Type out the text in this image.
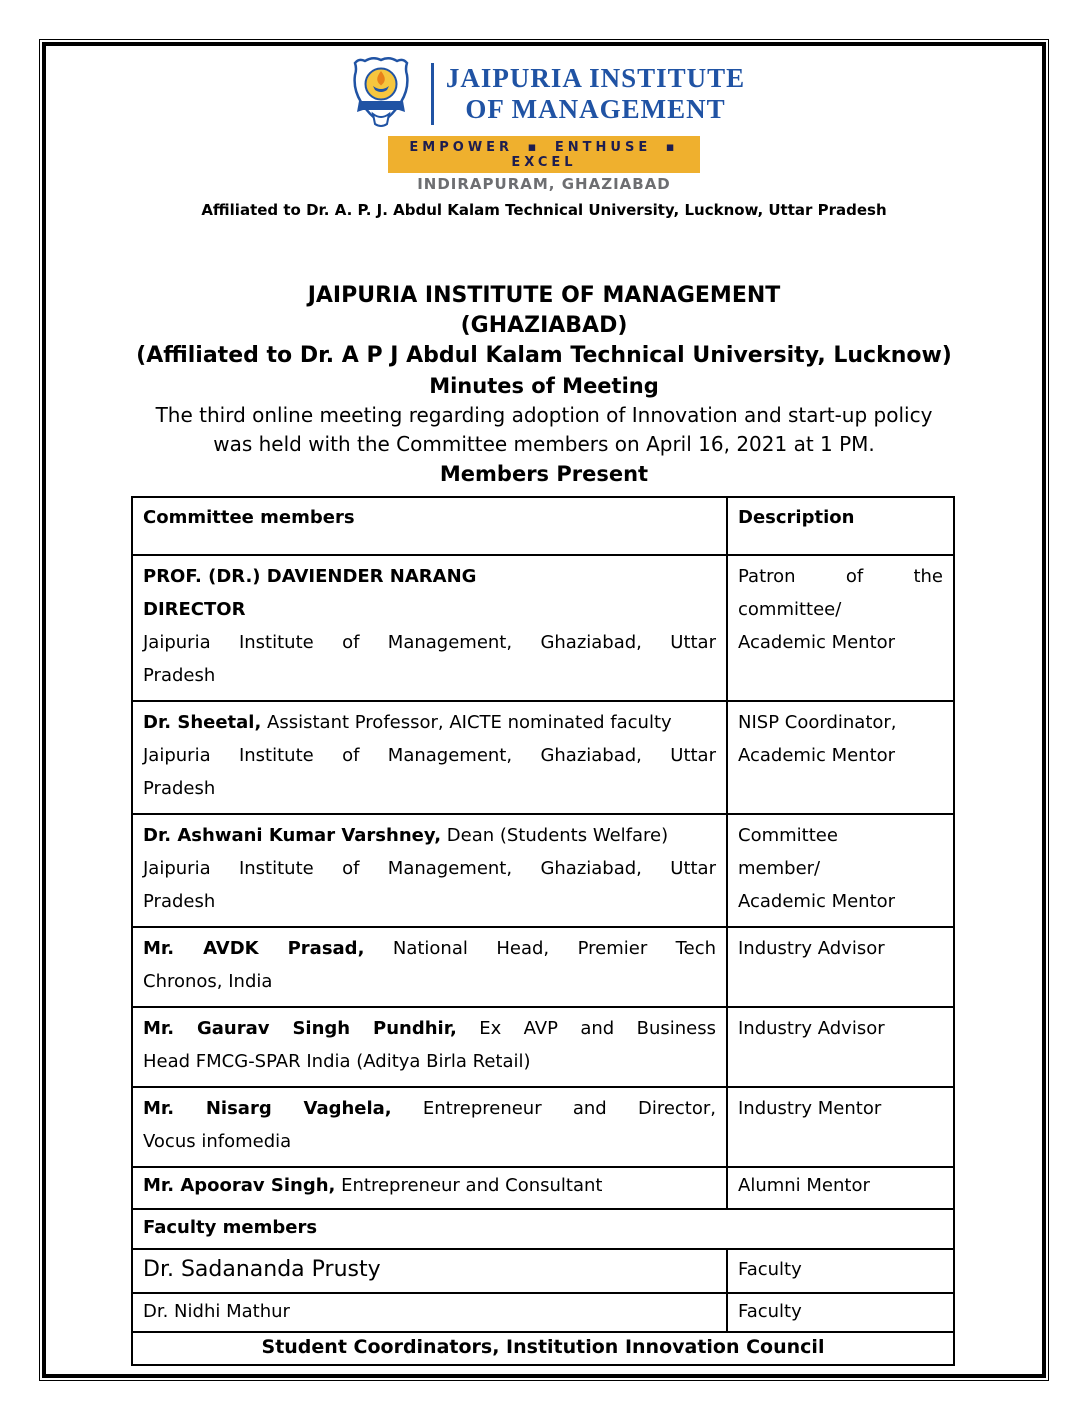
JAIPURIA INSTITUTE
OF MANAGEMENT
EMPOWER ▪ ENTHUSE ▪ EXCEL
INDIRAPURAM, GHAZIABAD
Affiliated to Dr. A. P. J. Abdul Kalam Technical University, Lucknow, Uttar Pradesh
JAIPURIA INSTITUTE OF MANAGEMENT
(GHAZIABAD)
(Affiliated to Dr. A P J Abdul Kalam Technical University, Lucknow)
Minutes of Meeting
The third online meeting regarding adoption of Innovation and start-up policy was held with the Committee members on April 16, 2021 at 1 PM.
Members Present
Committee members	Description

PROF. (DR.) DAVIENDER NARANG
DIRECTOR
Jaipuria Institute of Management, Ghaziabad, Uttar
Pradesh	Patron of the
committee/
Academic Mentor

Dr. Sheetal, Assistant Professor, AICTE nominated faculty
Jaipuria Institute of Management, Ghaziabad, Uttar
Pradesh	NISP Coordinator,
Academic Mentor

Dr. Ashwani Kumar Varshney, Dean (Students Welfare)
Jaipuria Institute of Management, Ghaziabad, Uttar
Pradesh	Committee
member/
Academic Mentor

Mr. AVDK Prasad, National Head, Premier Tech
Chronos, India	Industry Advisor

Mr. Gaurav Singh Pundhir, Ex AVP and Business
Head FMCG-SPAR India (Aditya Birla Retail)	Industry Advisor

Mr. Nisarg Vaghela, Entrepreneur and Director,
Vocus infomedia	Industry Mentor

Mr. Apoorav Singh, Entrepreneur and Consultant	Alumni Mentor

Faculty members	
Dr. Sadananda Prusty	Faculty
Dr. Nidhi Mathur	Faculty
Student Coordinators, Institution Innovation Council	
